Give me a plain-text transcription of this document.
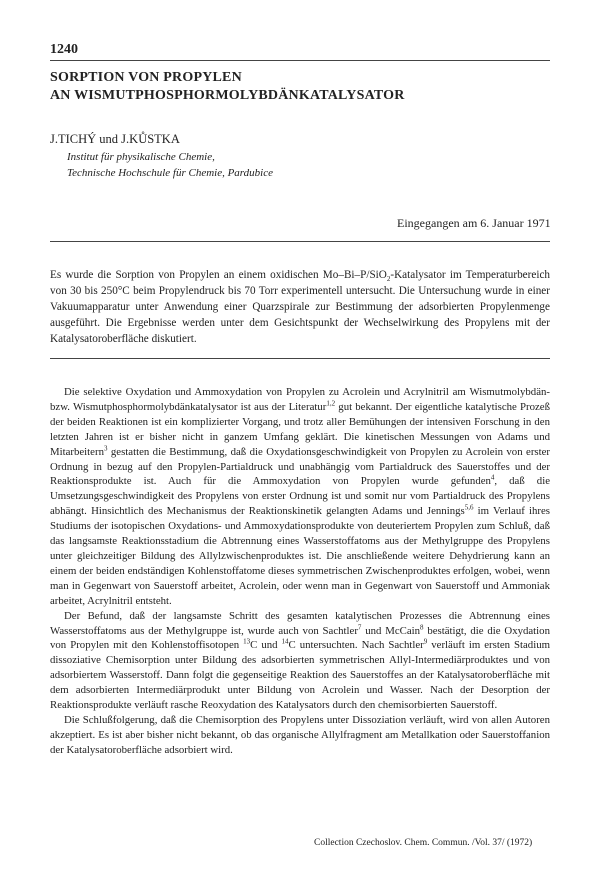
1240
SORPTION VON PROPYLEN
AN WISMUTPHOSPHORMOLYBDÄNKATALYSATOR
J.TICHÝ und J.KŮSTKA
Institut für physikalische Chemie,
Technische Hochschule für Chemie, Pardubice
Eingegangen am 6. Januar 1971
Es wurde die Sorption von Propylen an einem oxidischen Mo–Bi–P/SiO$_2$-Katalysator im Temperaturbereich von 30 bis 250°C beim Propylendruck bis 70 Torr experimentell untersucht. Die Untersuchung wurde in einer Vakuumapparatur unter Anwendung einer Quarzspirale zur Bestimmung der adsorbierten Propylenmenge ausgeführt. Die Ergebnisse werden unter dem Gesichtspunkt der Wechselwirkung des Propylens mit der Katalysatoroberfläche diskutiert.

Die selektive Oxydation und Ammoxydation von Propylen zu Acrolein und Acrylnitril am Wismutmolybdän- bzw. Wismutphosphormolybdänkatalysator ist aus der Literatur$^{1,2}$ gut bekannt. Der eigentliche katalytische Prozeß der beiden Reaktionen ist ein komplizierter Vorgang, und trotz aller Bemühungen der intensiven Forschung in den letzten Jahren ist er bisher nicht in ganzem Umfang geklärt. Die kinetischen Messungen von Adams und Mitarbeitern$^3$ gestatten die Bestimmung, daß die Oxydationsgeschwindigkeit von Propylen zu Acrolein von erster Ordnung in bezug auf den Propylen-Partialdruck und unabhängig vom Partialdruck des Sauerstoffes und der Reaktionsprodukte ist. Auch für die Ammoxydation von Propylen wurde gefunden$^4$, daß die Umsetzungsgeschwindigkeit des Propylens von erster Ordnung ist und somit nur vom Partialdruck des Propylens abhängt. Hinsichtlich des Mechanismus der Reaktionskinetik gelangten Adams und Jennings$^{5,6}$ im Verlauf ihres Studiums der isotopischen Oxydations- und Ammoxydationsprodukte von deuteriertem Propylen zum Schluß, daß das langsamste Reaktionsstadium die Abtrennung eines Wasserstoffatoms aus der Methylgruppe des Propylens unter gleichzeitiger Bildung des Allylzwischenproduktes ist. Die anschließende weitere Dehydrierung kann an einem der beiden endständigen Kohlenstoffatome dieses symmetrischen Zwischenproduktes erfolgen, wobei, wenn man in Gegenwart von Sauerstoff arbeitet, Acrolein, oder wenn man in Gegenwart von Sauerstoff und Ammoniak arbeitet, Acrylnitril entsteht.

Der Befund, daß der langsamste Schritt des gesamten katalytischen Prozesses die Abtrennung eines Wasserstoffatoms aus der Methylgruppe ist, wurde auch von Sachtler$^7$ und McCain$^8$ bestätigt, die die Oxydation von Propylen mit den Kohlenstoffisotopen $^{13}$C und $^{14}$C untersuchten. Nach Sachtler$^9$ verläuft im ersten Stadium dissoziative Chemisorption unter Bildung des adsorbierten symmetrischen Allyl-Intermediärproduktes und von adsorbiertem Wasserstoff. Dann folgt die gegenseitige Reaktion des Sauerstoffes an der Katalysatoroberfläche mit dem adsorbierten Intermediärprodukt unter Bildung von Acrolein und Wasser. Nach der Desorption der Reaktionsprodukte verläuft rasche Reoxydation des Katalysators durch den chemisorbierten Sauerstoff.

Die Schlußfolgerung, daß die Chemisorption des Propylens unter Dissoziation verläuft, wird von allen Autoren akzeptiert. Es ist aber bisher nicht bekannt, ob das organische Allylfragment am Metallkation oder Sauerstoffanion der Katalysatoroberfläche adsorbiert wird.

Collection Czechoslov. Chem. Commun. /Vol. 37/ (1972)
